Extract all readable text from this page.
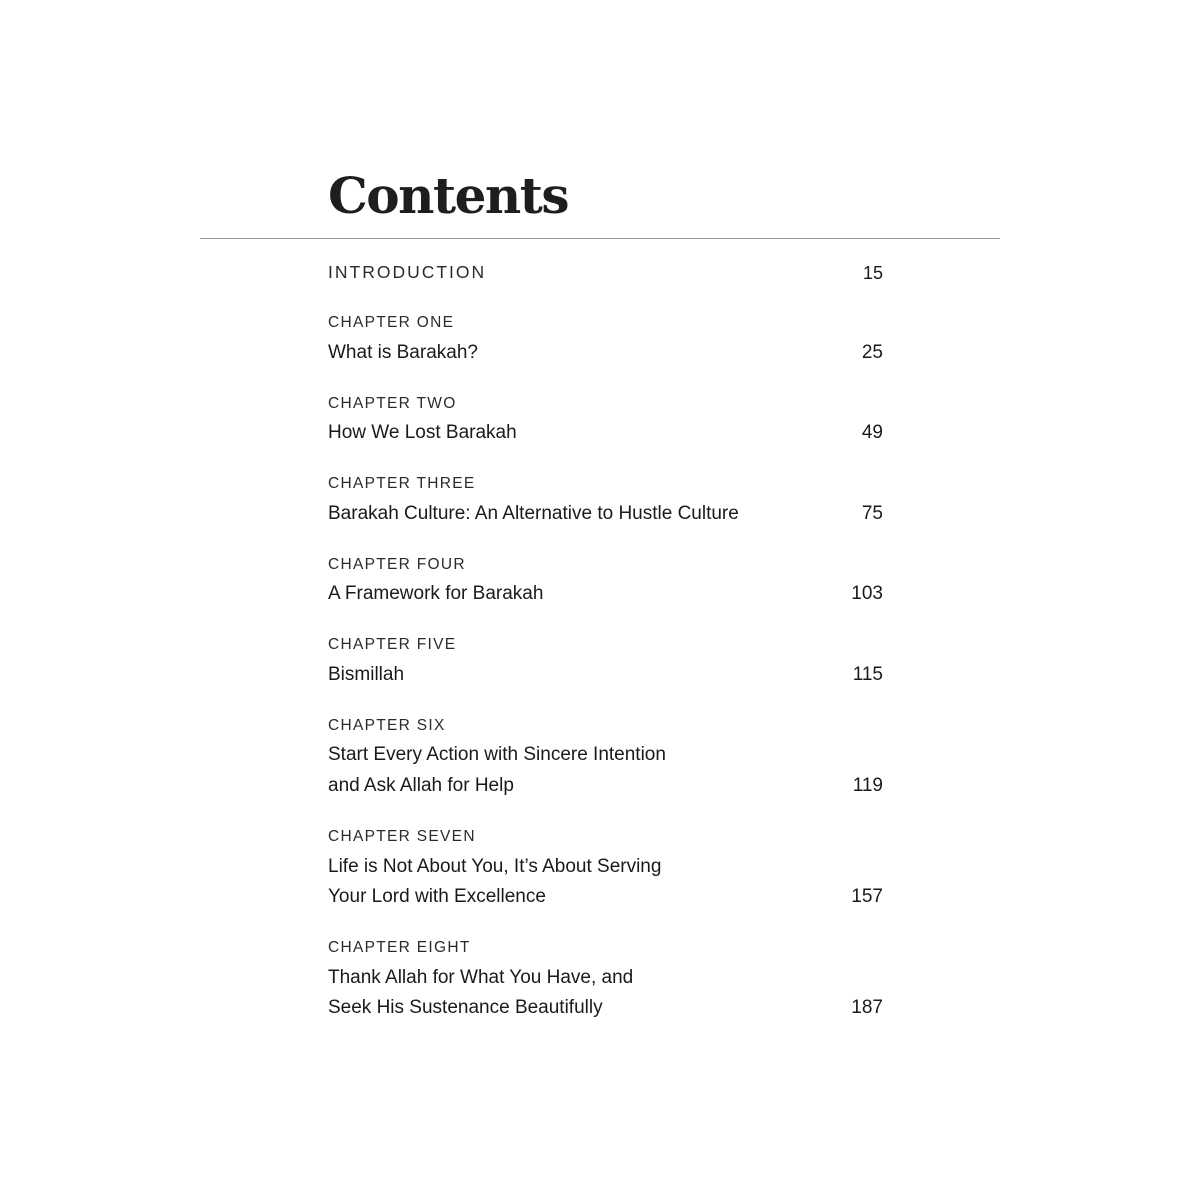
Contents
INTRODUCTION	15
CHAPTER ONE
What is Barakah?	25
CHAPTER TWO
How We Lost Barakah	49
CHAPTER THREE
Barakah Culture: An Alternative to Hustle Culture	75
CHAPTER FOUR
A Framework for Barakah	103
CHAPTER FIVE
Bismillah	115
CHAPTER SIX
Start Every Action with Sincere Intention
and Ask Allah for Help	119
CHAPTER SEVEN
Life is Not About You, It’s About Serving
Your Lord with Excellence	157
CHAPTER EIGHT
Thank Allah for What You Have, and
Seek His Sustenance Beautifully	187
